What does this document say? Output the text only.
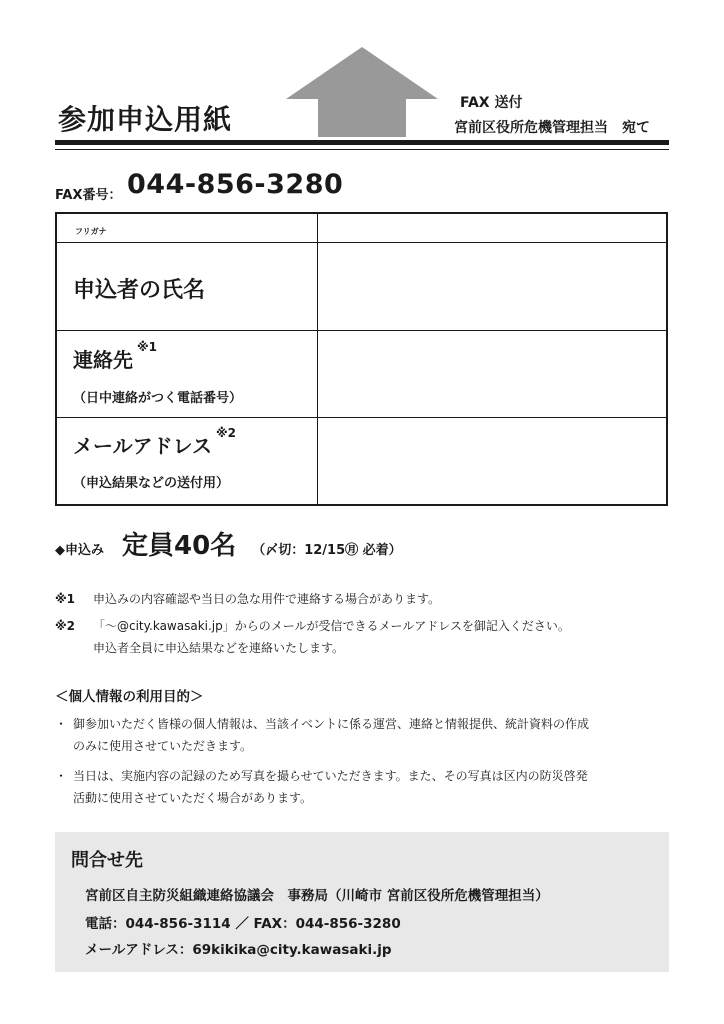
参加申込用紙	FAX 送付
宮前区役所危機管理担当　宛て
FAX番号： 044-856-3280
フリガナ
申込者の氏名
連絡先$^{※1}$
（日中連絡がつく電話番号）
メールアドレス$^{※2}$
（申込結果などの送付用）
◆申込み 定員40名 （〆切：12/15㊊ 必着）
※1 申込みの内容確認や当日の急な用件で連絡する場合があります。
※2 「～@city.kawasaki.jp」からのメールが受信できるメールアドレスを御記入ください。
申込者全員に申込結果などを連絡いたします。
＜個人情報の利用目的＞
・ 御参加いただく皆様の個人情報は、当該イベントに係る運営、連絡と情報提供、統計資料の作成
のみに使用させていただきます。
・ 当日は、実施内容の記録のため写真を撮らせていただきます。また、その写真は区内の防災啓発
活動に使用させていただく場合があります。
問合せ先
宮前区自主防災組織連絡協議会　事務局（川崎市 宮前区役所危機管理担当）
電話：044-856-3114 ／ FAX：044-856-3280
メールアドレス：69kikika@city.kawasaki.jp
